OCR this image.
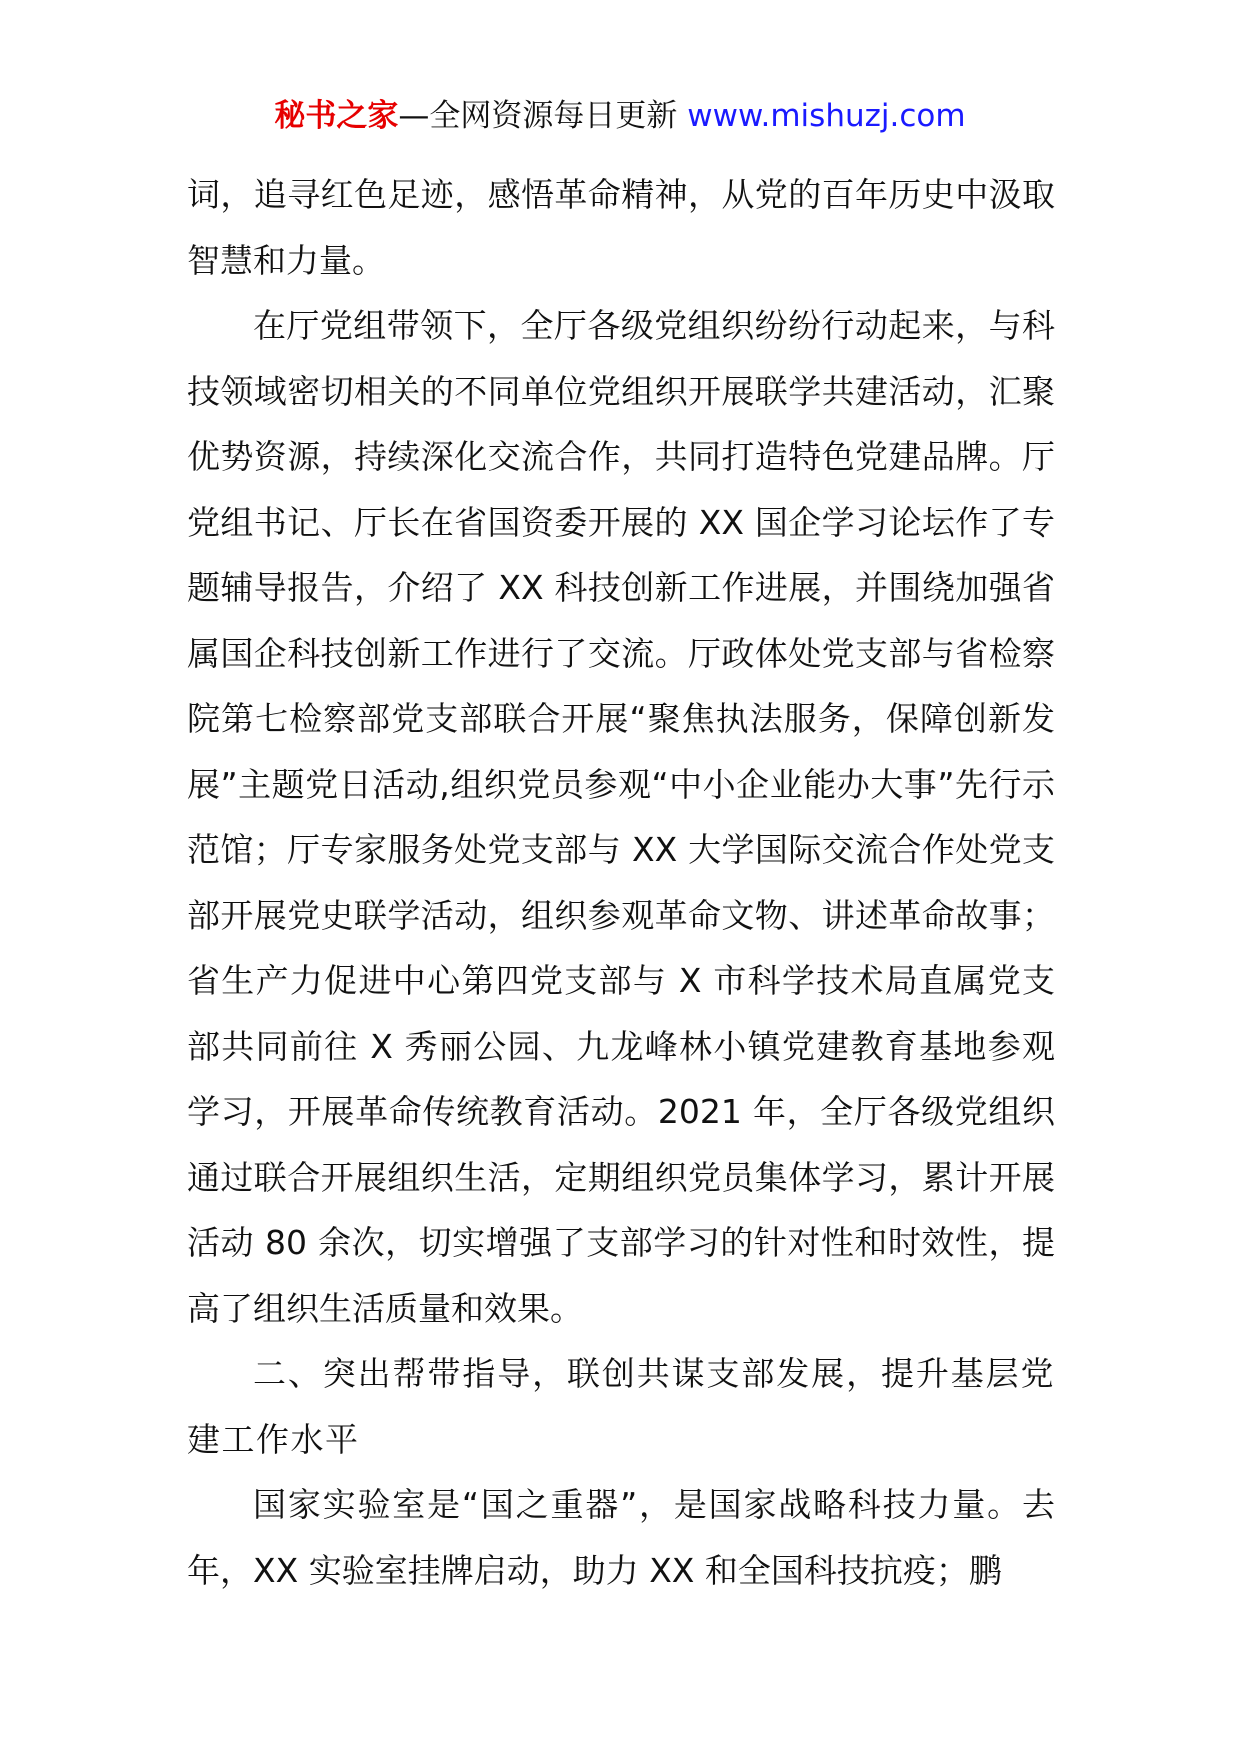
秘书之家—全网资源每日更新 www.mishuzj.com

词，追寻红色足迹，感悟革命精神，从党的百年历史中汲取智慧和力量。

在厅党组带领下，全厅各级党组织纷纷行动起来，与科技领域密切相关的不同单位党组织开展联学共建活动，汇聚优势资源，持续深化交流合作，共同打造特色党建品牌。厅党组书记、厅长在省国资委开展的 XX 国企学习论坛作了专题辅导报告，介绍了 XX 科技创新工作进展，并围绕加强省属国企科技创新工作进行了交流。厅政体处党支部与省检察院第七检察部党支部联合开展“聚焦执法服务，保障创新发展”主题党日活动,组织党员参观“中小企业能办大事”先行示范馆；厅专家服务处党支部与 XX 大学国际交流合作处党支部开展党史联学活动，组织参观革命文物、讲述革命故事；省生产力促进中心第四党支部与 X 市科学技术局直属党支部共同前往 X 秀丽公园、九龙峰林小镇党建教育基地参观学习，开展革命传统教育活动。2021 年，全厅各级党组织通过联合开展组织生活，定期组织党员集体学习，累计开展活动 80 余次，切实增强了支部学习的针对性和时效性，提高了组织生活质量和效果。

二、突出帮带指导，联创共谋支部发展，提升基层党建工作水平

国家实验室是“国之重器”，是国家战略科技力量。去年，XX 实验室挂牌启动，助力 XX 和全国科技抗疫；鹏
